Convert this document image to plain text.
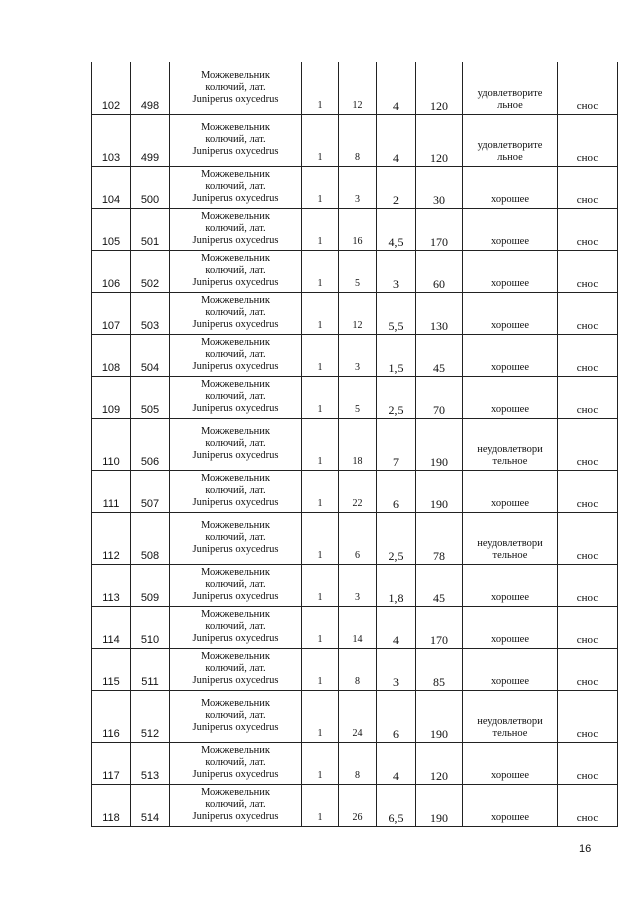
102	498	Можжевельник
колючий, лат.
Juniperus oxycedrus	1	12	4	120	удовлетворите
льное	снос
103	499	Можжевельник
колючий, лат.
Juniperus oxycedrus	1	8	4	120	удовлетворите
льное	снос
104	500	Можжевельник
колючий, лат.
Juniperus oxycedrus	1	3	2	30	хорошее	снос
105	501	Можжевельник
колючий, лат.
Juniperus oxycedrus	1	16	4,5	170	хорошее	снос
106	502	Можжевельник
колючий, лат.
Juniperus oxycedrus	1	5	3	60	хорошее	снос
107	503	Можжевельник
колючий, лат.
Juniperus oxycedrus	1	12	5,5	130	хорошее	снос
108	504	Можжевельник
колючий, лат.
Juniperus oxycedrus	1	3	1,5	45	хорошее	снос
109	505	Можжевельник
колючий, лат.
Juniperus oxycedrus	1	5	2,5	70	хорошее	снос
110	506	Можжевельник
колючий, лат.
Juniperus oxycedrus	1	18	7	190	неудовлетвори
тельное	снос
111	507	Можжевельник
колючий, лат.
Juniperus oxycedrus	1	22	6	190	хорошее	снос
112	508	Можжевельник
колючий, лат.
Juniperus oxycedrus	1	6	2,5	78	неудовлетвори
тельное	снос
113	509	Можжевельник
колючий, лат.
Juniperus oxycedrus	1	3	1,8	45	хорошее	снос
114	510	Можжевельник
колючий, лат.
Juniperus oxycedrus	1	14	4	170	хорошее	снос
115	511	Можжевельник
колючий, лат.
Juniperus oxycedrus	1	8	3	85	хорошее	снос
116	512	Можжевельник
колючий, лат.
Juniperus oxycedrus	1	24	6	190	неудовлетвори
тельное	снос
117	513	Можжевельник
колючий, лат.
Juniperus oxycedrus	1	8	4	120	хорошее	снос
118	514	Можжевельник
колючий, лат.
Juniperus oxycedrus	1	26	6,5	190	хорошее	снос
16
